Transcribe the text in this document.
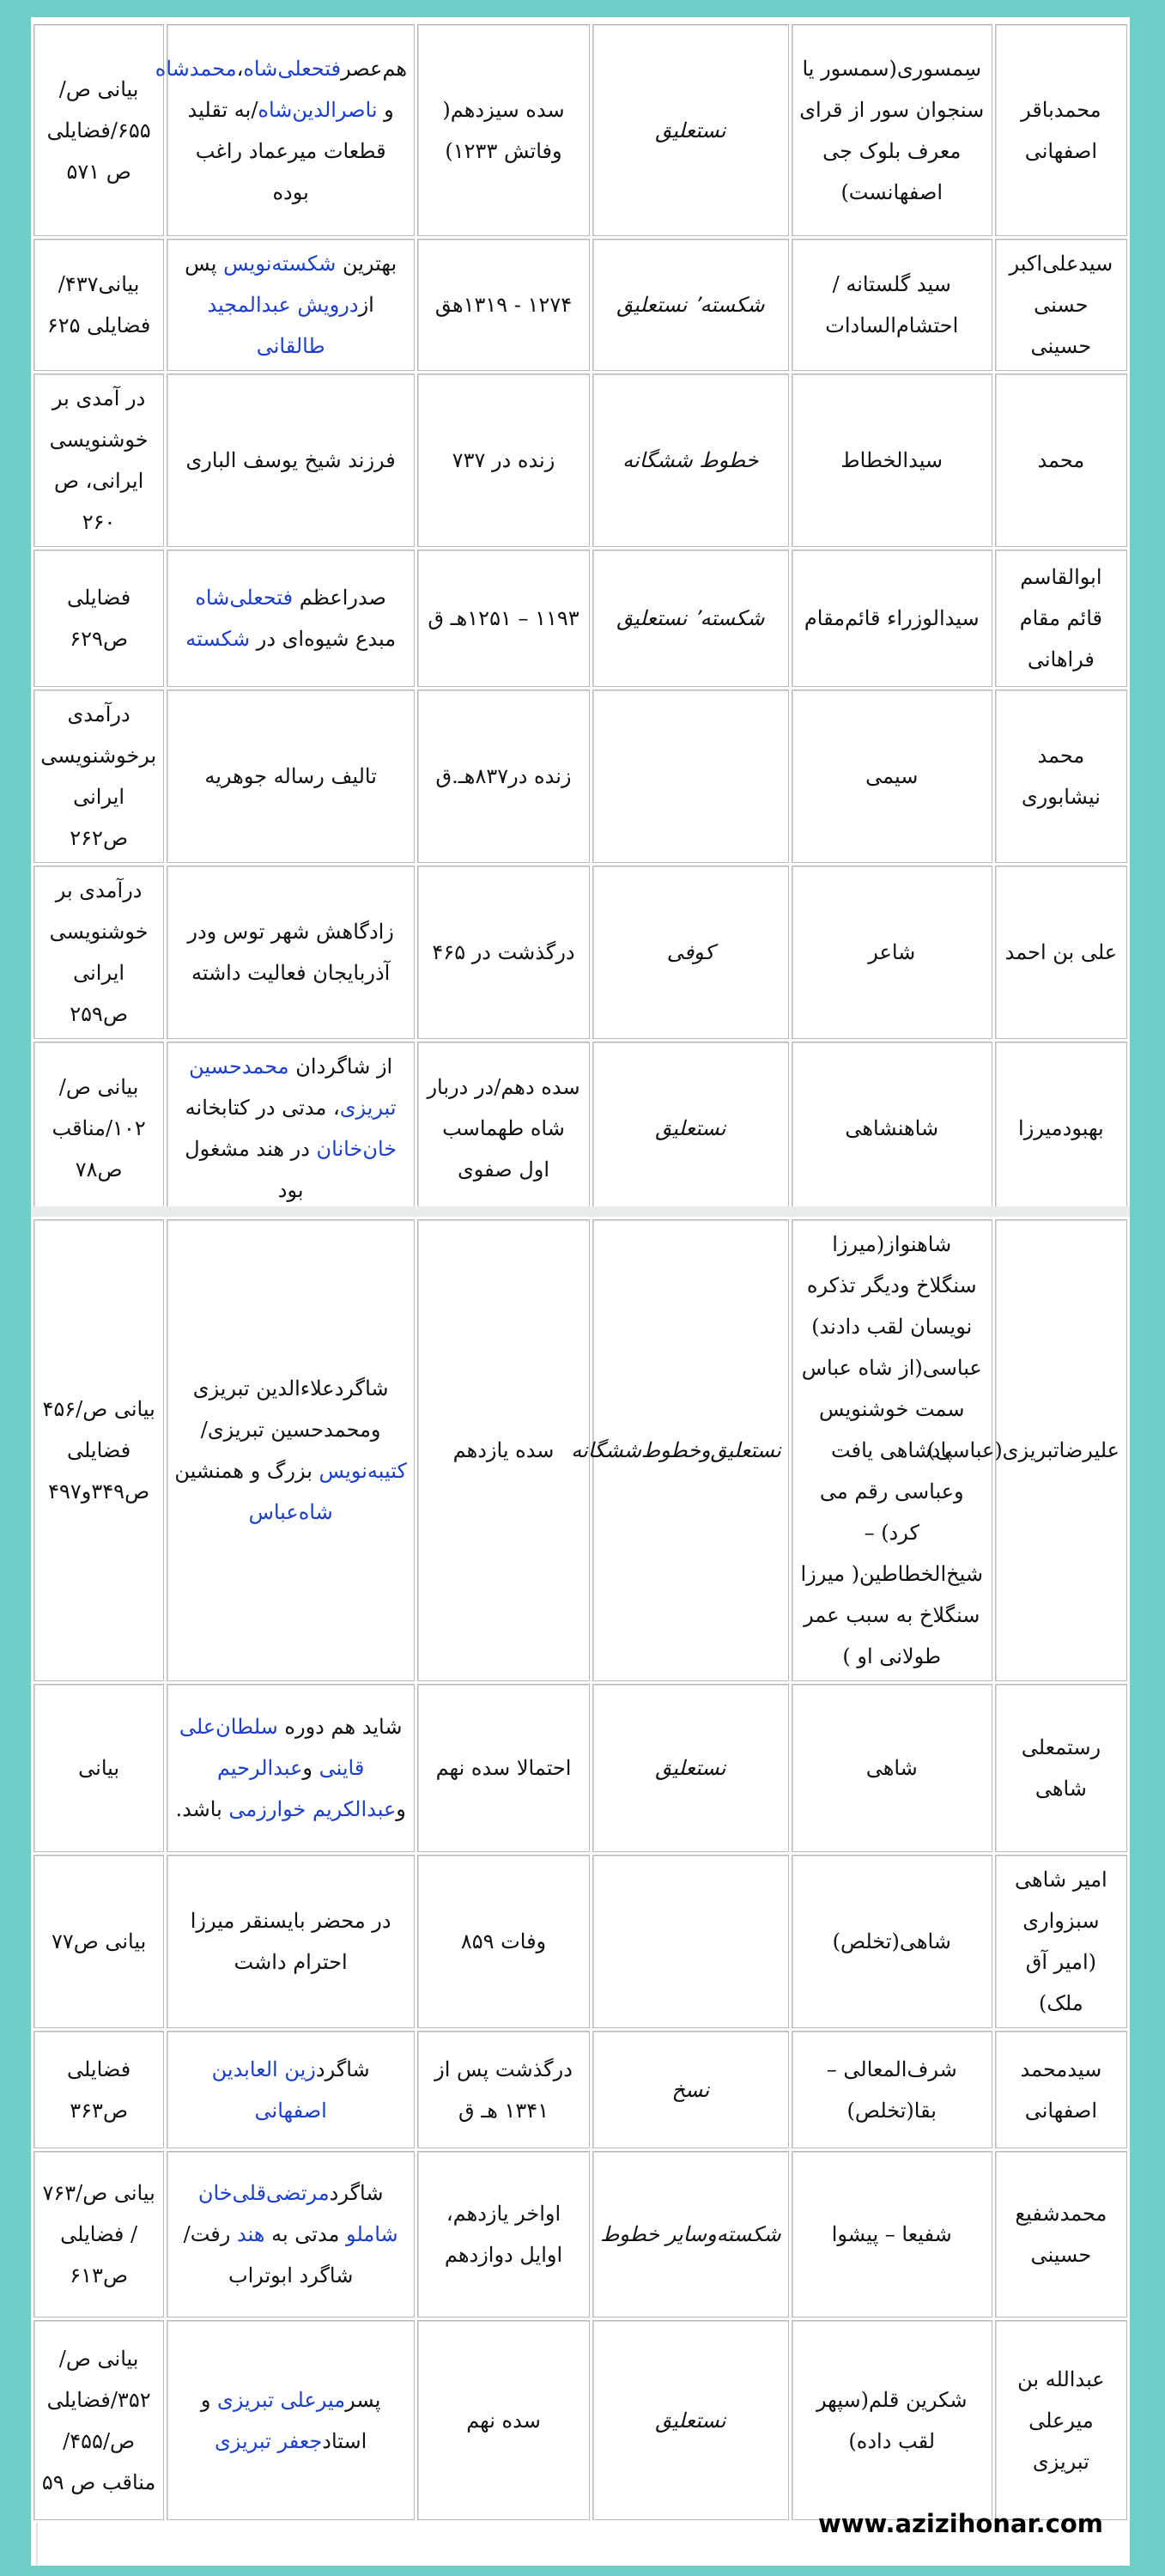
محمدباقر اصفهانی	سِمسوری(سمسور یا سنجوان سور از قرای معرف بلوک جی اصفهانست)	نستعلیق	سده سیزدهم( وفاتش ۱۲۳۳)	هم‌عصرفتحعلی‌شاه،محمدشاه و ناصرالدین‌شاه/به تقلید قطعات میرعماد راغب بوده	بیانی ص/۶۵۵/فضایلی ص ۵۷۱
سیدعلی‌اکبر حسنی حسینی	سید گلستانه / احتشام‌السادات	شکسته٬ نستعلیق	۱۲۷۴ - ۱۳۱۹هق	بهترین شکسته‌نویس پس ازدرویش عبدالمجید طالقانی	بیانی۴۳۷/فضایلی ۶۲۵
محمد	سیدالخطاط	خطوط ششگانه	زنده در ۷۳۷	فرزند شیخ یوسف البارى	در آمدی بر خوشنویسی ایرانی، ص ۲۶۰
ابوالقاسم قائم مقام فراهانی	سیدالوزراء قائم‌مقام	شکسته٬ نستعلیق	۱۱۹۳ – ۱۲۵۱هـ ق	صدراعظم فتحعلی‌شاه مبدع شیوه‌ای در شکسته	فضایلی ص۶۲۹
محمد نیشابوری	سیمی		زنده در۸۳۷هـ.ق	تالیف رساله جوهریه	درآمدی برخوشنویسی ایرانی ص۲۶۲
علی بن احمد	شاعر	کوفی	درگذشت در ۴۶۵	زادگاهش شهر توس ودر آذربایجان فعالیت داشته	درآمدی بر خوشنویسی ایرانی ص۲۵۹
بهبودمیرزا	شاهنشاهی	نستعلیق	سده دهم/در دربار شاه طهماسب اول صفوی	از شاگردان محمدحسین تبریزی، مدتی در کتابخانه خان‌خانان در هند مشغول بود	بیانی ص/۱۰۲/مناقب ص۷۸
علیرضاتبریزی(عباسی)	شاهنواز(میرزا سنگلاخ ودیگر تذکره نویسان لقب دادند) عباسی(از شاه عباس سمت خوشنویس پادشاهی یافت وعباسی رقم می کرد) – شیخ‌الخطاطین( میرزا سنگلاخ به سبب عمر طولانی او )	نستعلیق‌وخطوط‌ششگانه	سده یازدهم	شاگردعلاءالدین تبریزی ومحمدحسین تبریزی/کتیبه‌نویس بزرگ و همنشین شاه‌عباس	بیانی ص/۴۵۶ فضایلی ص۳۴۹و۴۹۷
رستمعلی شاهی	شاهی	نستعلیق	احتمالا سده نهم	شاید هم دوره سلطان‌علی قاینی وعبدالرحیم وعبدالکریم خوارزمی باشد.	بیانی
امیر شاهی سبزواری (امیر آق ملک)	شاهی(تخلص)		وفات ۸۵۹	در محضر بایسنقر میرزا احترام داشت	بیانی ص۷۷
سیدمحمد اصفهانی	شرف‌المعالی – بقا(تخلص)	نسخ	درگذشت پس از ۱۳۴۱ هـ ق	شاگردزین العابدین اصفهانی	فضایلی ص۳۶۳
محمدشفیع حسینی	شفیعا – پیشوا	شکسته‌وسایر خطوط	اواخر یازدهم، اوایل دوازدهم	شاگردمرتضی‌قلی‌خان شاملو مدتی به هند رفت/ شاگرد ابوتراب	بیانی ص/۷۶۳ / فضایلی ص۶۱۳
عبدالله بن میرعلی تبریزی	شکرین قلم(سپهر لقب داده)	نستعلیق	سده نهم	پسرمیرعلی تبریزی و استادجعفر تبریزی	بیانی ص/۳۵۲/فضایلی ص/۴۵۵/مناقب ص ۵۹
www.azizihonar.com
